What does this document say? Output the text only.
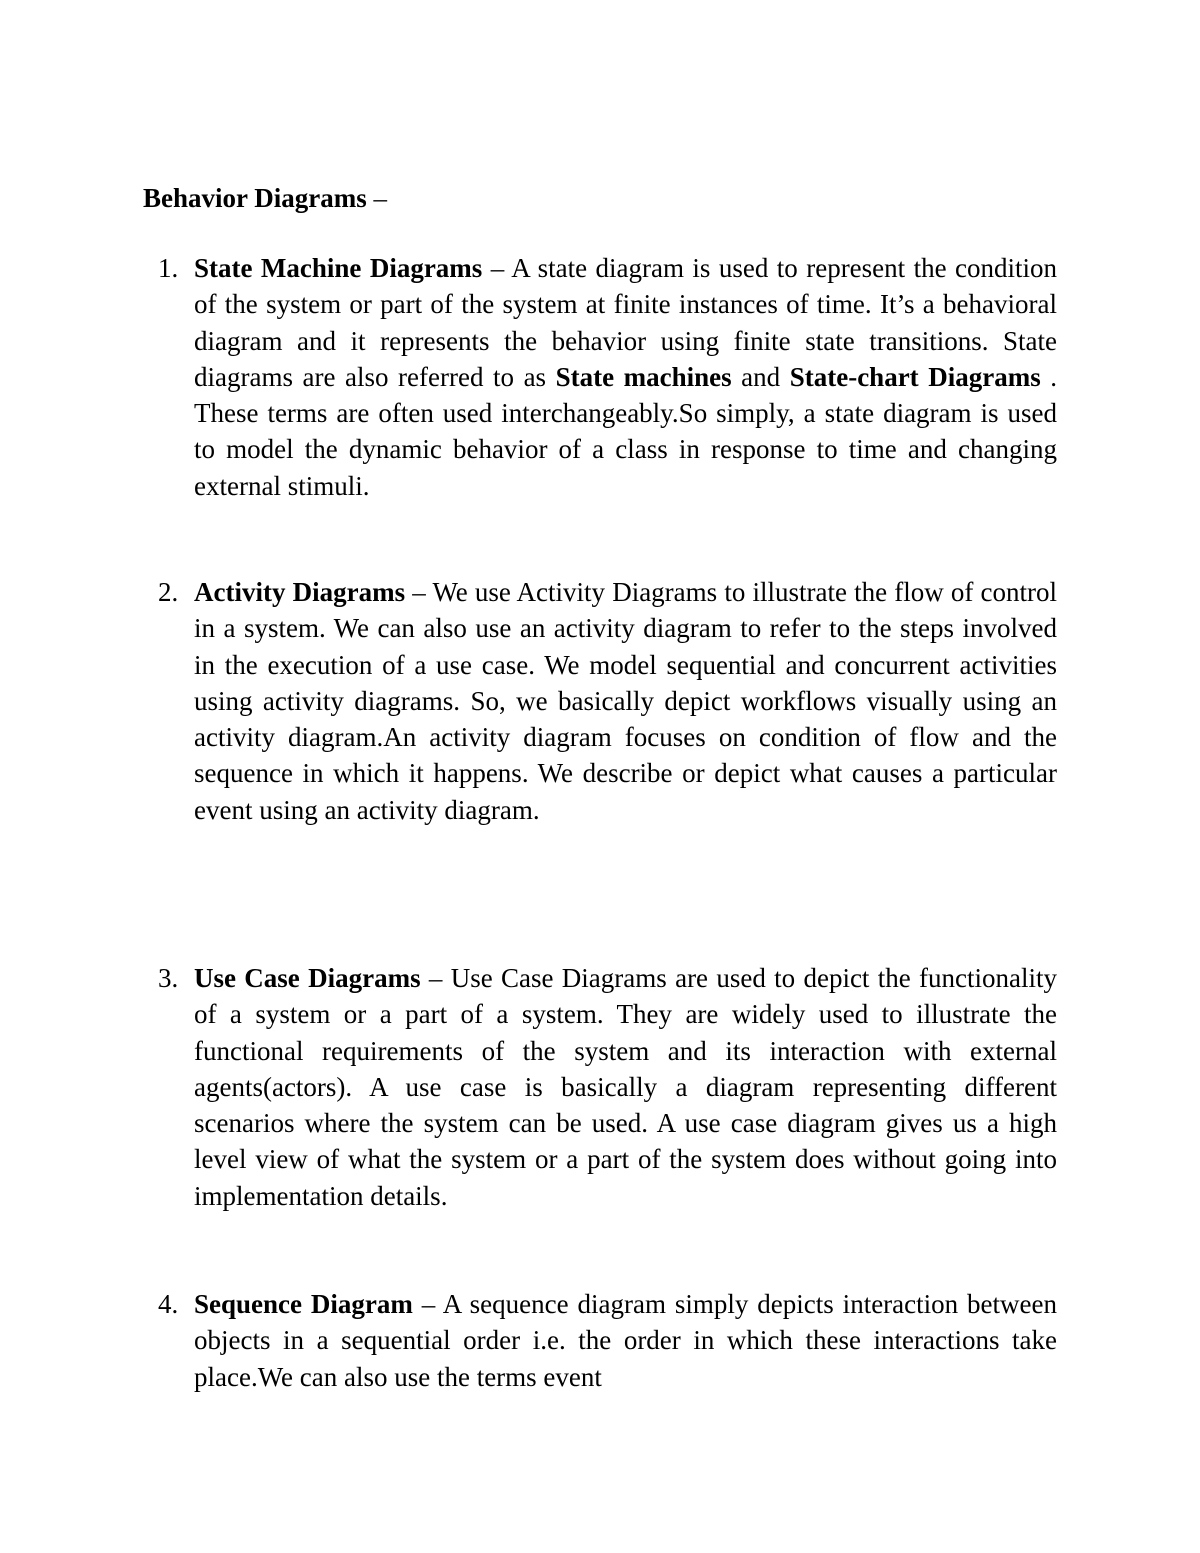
Behavior Diagrams –
1. State Machine Diagrams – A state diagram is used to represent the condition of the system or part of the system at finite instances of time. It’s a behavioral diagram and it represents the behavior using finite state transitions. State diagrams are also referred to as State machines and State-chart Diagrams . These terms are often used interchangeably.So simply, a state diagram is used to model the dynamic behavior of a class in response to time and changing external stimuli.
2. Activity Diagrams – We use Activity Diagrams to illustrate the flow of control in a system. We can also use an activity diagram to refer to the steps involved in the execution of a use case. We model sequential and concurrent activities using activity diagrams. So, we basically depict workflows visually using an activity diagram.An activity diagram focuses on condition of flow and the sequence in which it happens. We describe or depict what causes a particular event using an activity diagram.
3. Use Case Diagrams – Use Case Diagrams are used to depict the functionality of a system or a part of a system. They are widely used to illustrate the functional requirements of the system and its interaction with external agents(actors). A use case is basically a diagram representing different scenarios where the system can be used. A use case diagram gives us a high level view of what the system or a part of the system does without going into implementation details.
4. Sequence Diagram – A sequence diagram simply depicts interaction between objects in a sequential order i.e. the order in which these interactions take place.We can also use the terms event
